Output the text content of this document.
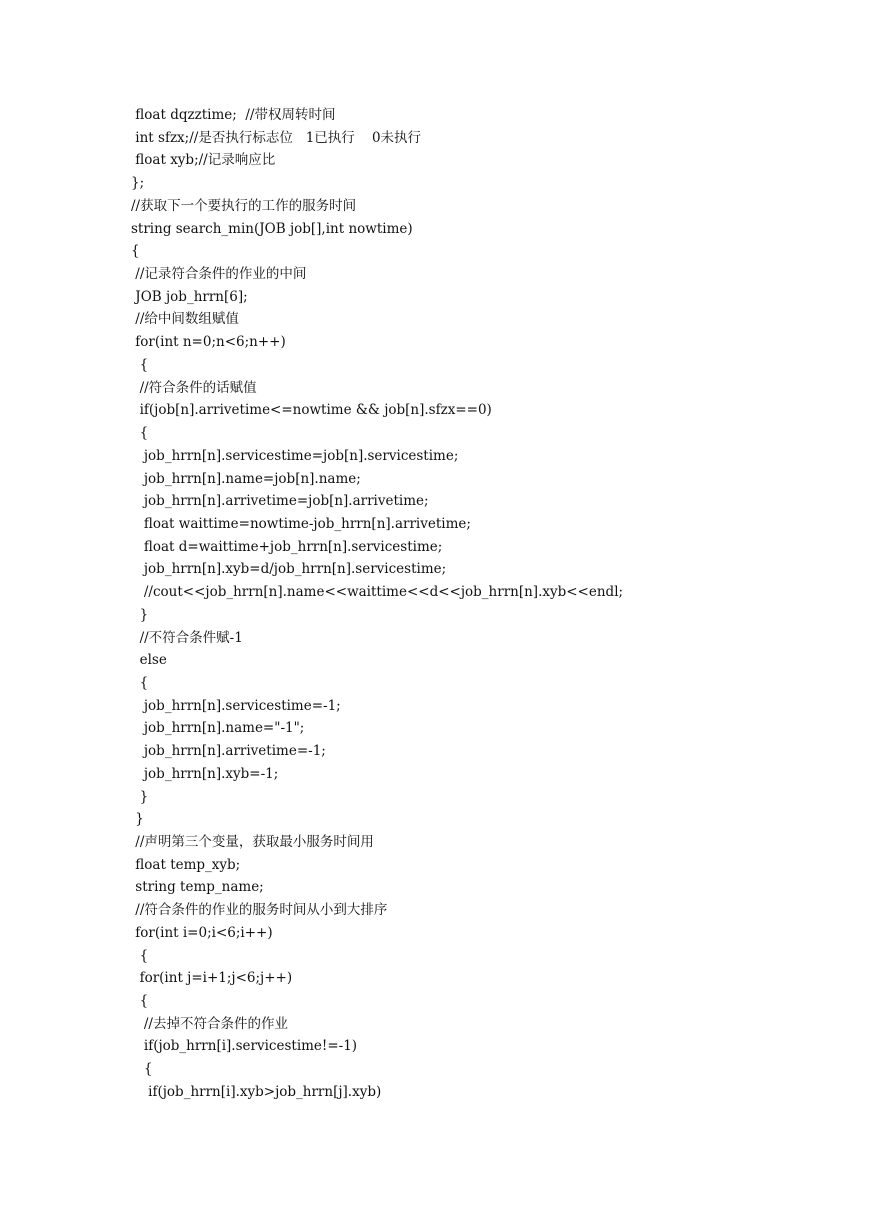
float dqzztime;  //带权周转时间
int sfzx;//是否执行标志位   1已执行    0未执行
float xyb;//记录响应比
};
//获取下一个要执行的工作的服务时间
string search_min(JOB job[],int nowtime)
{
//记录符合条件的作业的中间
JOB job_hrrn[6];
//给中间数组赋值
for(int n=0;n<6;n++)
{
//符合条件的话赋值
if(job[n].arrivetime<=nowtime && job[n].sfzx==0)
{
job_hrrn[n].servicestime=job[n].servicestime;
job_hrrn[n].name=job[n].name;
job_hrrn[n].arrivetime=job[n].arrivetime;
float waittime=nowtime-job_hrrn[n].arrivetime;
float d=waittime+job_hrrn[n].servicestime;
job_hrrn[n].xyb=d/job_hrrn[n].servicestime;
//cout<<job_hrrn[n].name<<waittime<<d<<job_hrrn[n].xyb<<endl;
}
//不符合条件赋-1
else
{
job_hrrn[n].servicestime=-1;
job_hrrn[n].name="-1";
job_hrrn[n].arrivetime=-1;
job_hrrn[n].xyb=-1;
}
}
//声明第三个变量，获取最小服务时间用
float temp_xyb;
string temp_name;
//符合条件的作业的服务时间从小到大排序
for(int i=0;i<6;i++)
{
for(int j=i+1;j<6;j++)
{
//去掉不符合条件的作业
if(job_hrrn[i].servicestime!=-1)
{
if(job_hrrn[i].xyb>job_hrrn[j].xyb)
